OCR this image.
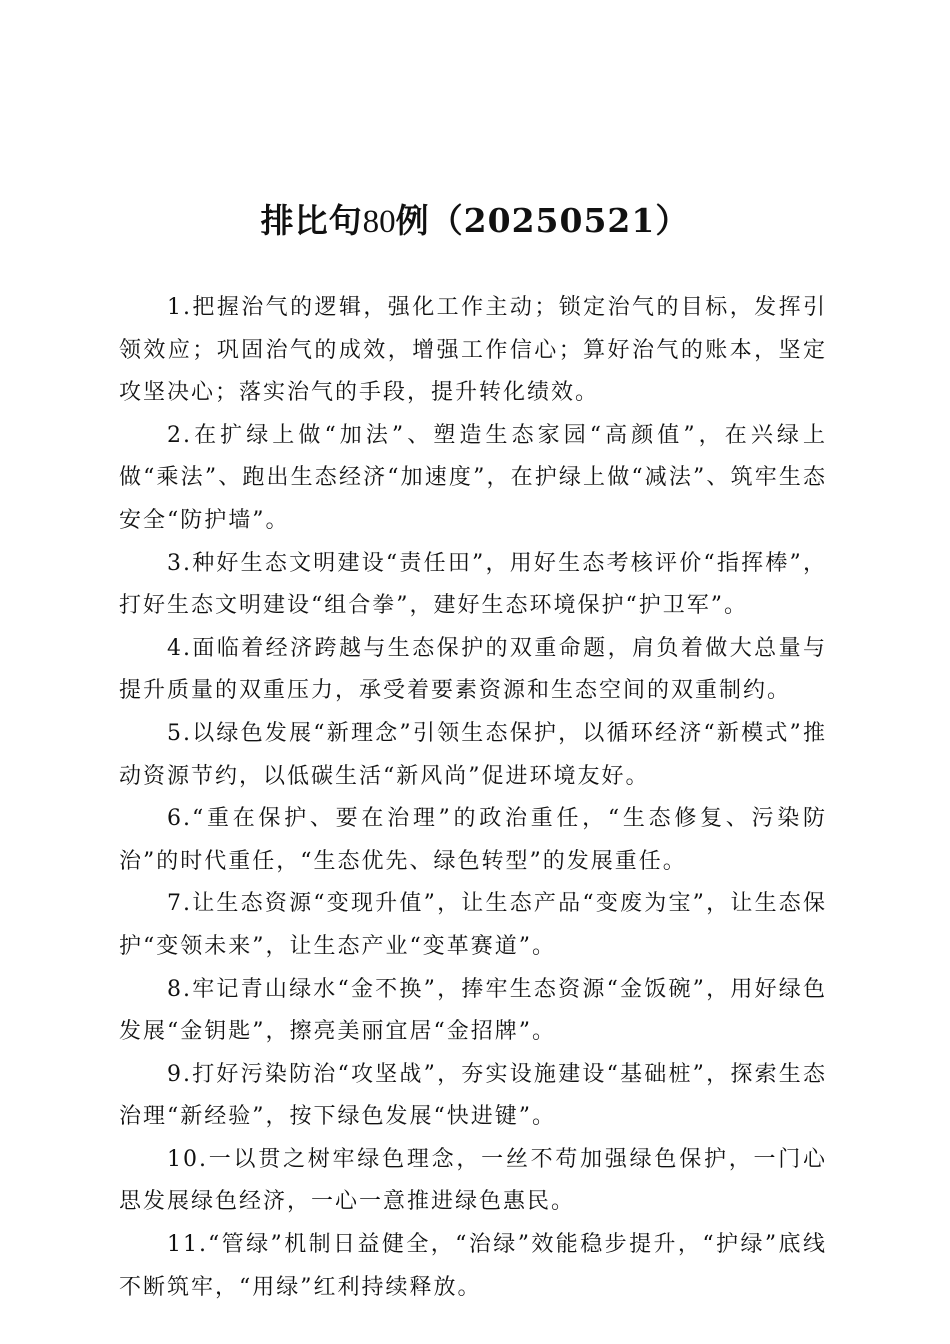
排比句80例（20250521）

1.把握治气的逻辑，强化工作主动；锁定治气的目标，发挥引领效应；巩固治气的成效，增强工作信心；算好治气的账本，坚定攻坚决心；落实治气的手段，提升转化绩效。

2.在扩绿上做“加法”、塑造生态家园“高颜值”，在兴绿上做“乘法”、跑出生态经济“加速度”，在护绿上做“减法”、筑牢生态安全“防护墙”。

3.种好生态文明建设“责任田”，用好生态考核评价“指挥棒”，打好生态文明建设“组合拳”，建好生态环境保护“护卫军”。

4.面临着经济跨越与生态保护的双重命题，肩负着做大总量与提升质量的双重压力，承受着要素资源和生态空间的双重制约。

5.以绿色发展“新理念”引领生态保护，以循环经济“新模式”推动资源节约，以低碳生活“新风尚”促进环境友好。

6.“重在保护、要在治理”的政治重任，“生态修复、污染防治”的时代重任，“生态优先、绿色转型”的发展重任。

7.让生态资源“变现升值”，让生态产品“变废为宝”，让生态保护“变领未来”，让生态产业“变革赛道”。

8.牢记青山绿水“金不换”，捧牢生态资源“金饭碗”，用好绿色发展“金钥匙”，擦亮美丽宜居“金招牌”。

9.打好污染防治“攻坚战”，夯实设施建设“基础桩”，探索生态治理“新经验”，按下绿色发展“快进键”。

10.一以贯之树牢绿色理念，一丝不苟加强绿色保护，一门心思发展绿色经济，一心一意推进绿色惠民。

11.“管绿”机制日益健全，“治绿”效能稳步提升，“护绿”底线不断筑牢，“用绿”红利持续释放。
